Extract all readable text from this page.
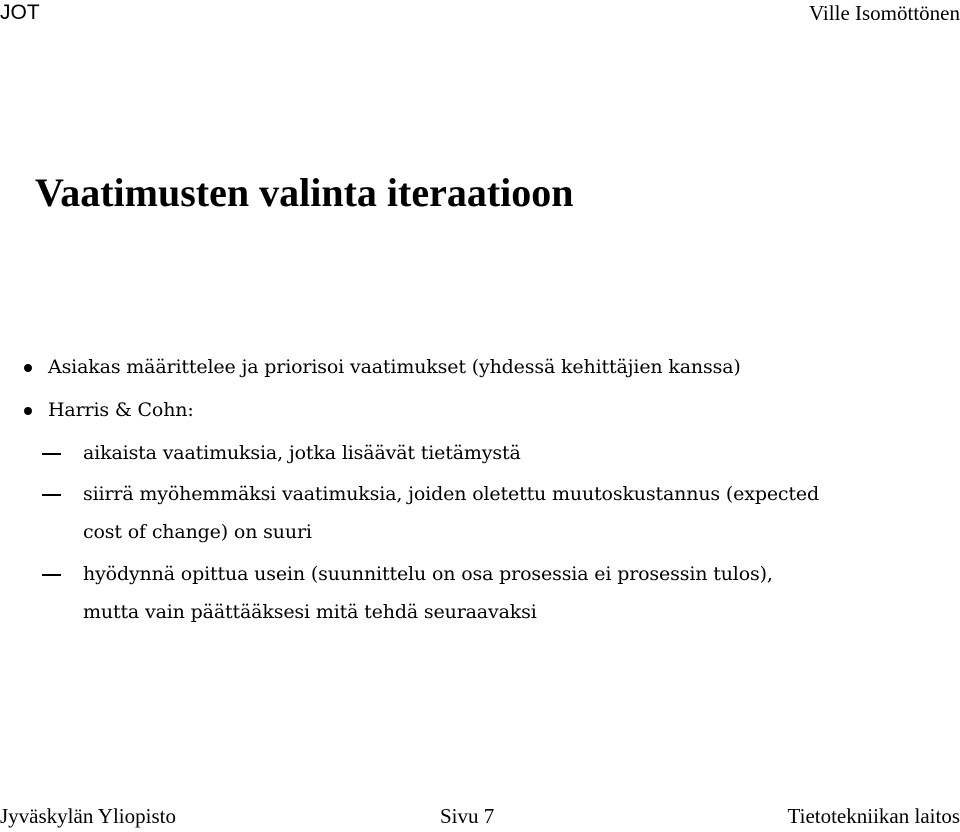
JOT	Ville Isomöttönen
Vaatimusten valinta iteraatioon
Asiakas määrittelee ja priorisoi vaatimukset (yhdessä kehittäjien kanssa)
Harris & Cohn:
aikaista vaatimuksia, jotka lisäävät tietämystä
siirrä myöhemmäksi vaatimuksia, joiden oletettu muutoskustannus (expected
cost of change) on suuri
hyödynnä opittua usein (suunnittelu on osa prosessia ei prosessin tulos),
mutta vain päättääksesi mitä tehdä seuraavaksi
Jyväskylän Yliopisto	Sivu 7	Tietotekniikan laitos
